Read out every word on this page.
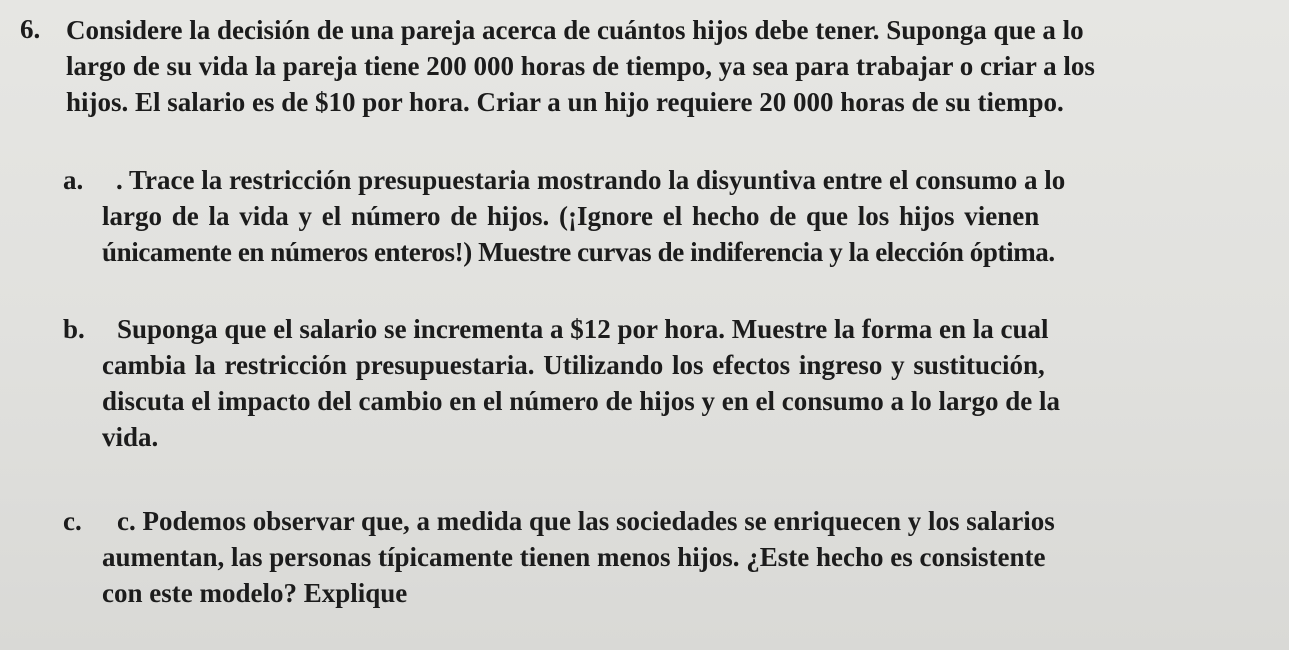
6. Considere la decisión de una pareja acerca de cuántos hijos debe tener. Suponga que a lo
largo de su vida la pareja tiene 200 000 horas de tiempo, ya sea para trabajar o criar a los
hijos. El salario es de $10 por hora. Criar a un hijo requiere 20 000 horas de su tiempo.
a. . Trace la restricción presupuestaria mostrando la disyuntiva entre el consumo a lo
largo de la vida y el número de hijos. (¡Ignore el hecho de que los hijos vienen
únicamente en números enteros!) Muestre curvas de indiferencia y la elección óptima.
b. Suponga que el salario se incrementa a $12 por hora. Muestre la forma en la cual
cambia la restricción presupuestaria. Utilizando los efectos ingreso y sustitución,
discuta el impacto del cambio en el número de hijos y en el consumo a lo largo de la
vida.
c. c. Podemos observar que, a medida que las sociedades se enriquecen y los salarios
aumentan, las personas típicamente tienen menos hijos. ¿Este hecho es consistente
con este modelo? Explique
